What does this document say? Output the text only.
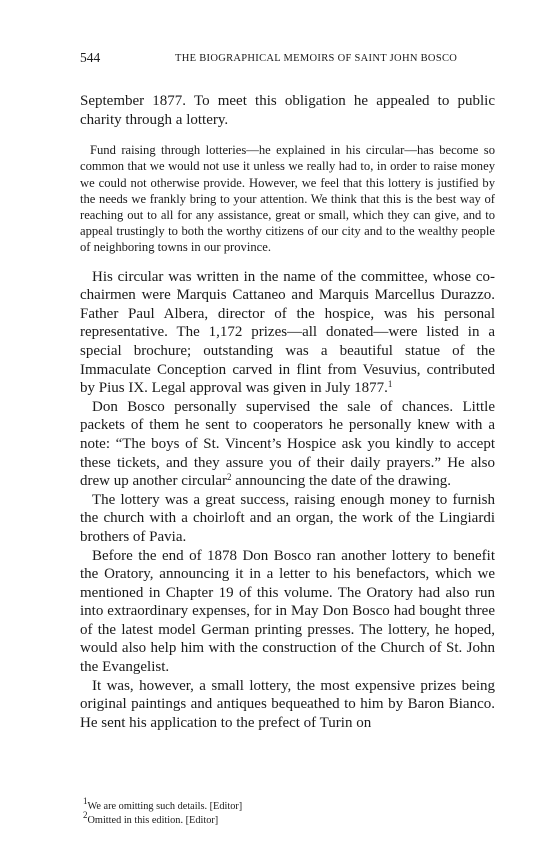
544	THE BIOGRAPHICAL MEMOIRS OF SAINT JOHN BOSCO

September 1877. To meet this obligation he appealed to public charity through a lottery.

Fund raising through lotteries—he explained in his circular—has become so common that we would not use it unless we really had to, in order to raise money we could not otherwise provide. However, we feel that this lottery is justified by the needs we frankly bring to your attention. We think that this is the best way of reaching out to all for any assistance, great or small, which they can give, and to appeal trustingly to both the worthy citizens of our city and to the wealthy people of neighboring towns in our province.

His circular was written in the name of the committee, whose co-chairmen were Marquis Cattaneo and Marquis Marcellus Durazzo. Father Paul Albera, director of the hospice, was his personal representative. The 1,172 prizes—all donated—were listed in a special brochure; outstanding was a beautiful statue of the Immaculate Conception carved in flint from Vesuvius, contributed by Pius IX. Legal approval was given in July 1877.$^1$

Don Bosco personally supervised the sale of chances. Little packets of them he sent to cooperators he personally knew with a note: “The boys of St. Vincent’s Hospice ask you kindly to accept these tickets, and they assure you of their daily prayers.” He also drew up another circular$^2$ announcing the date of the drawing.

The lottery was a great success, raising enough money to furnish the church with a choirloft and an organ, the work of the Lingiardi brothers of Pavia.

Before the end of 1878 Don Bosco ran another lottery to benefit the Oratory, announcing it in a letter to his benefactors, which we mentioned in Chapter 19 of this volume. The Oratory had also run into extraordinary expenses, for in May Don Bosco had bought three of the latest model German printing presses. The lottery, he hoped, would also help him with the construction of the Church of St. John the Evangelist.

It was, however, a small lottery, the most expensive prizes being original paintings and antiques bequeathed to him by Baron Bianco. He sent his application to the prefect of Turin on

$^1$We are omitting such details. [Editor]
$^2$Omitted in this edition. [Editor]
